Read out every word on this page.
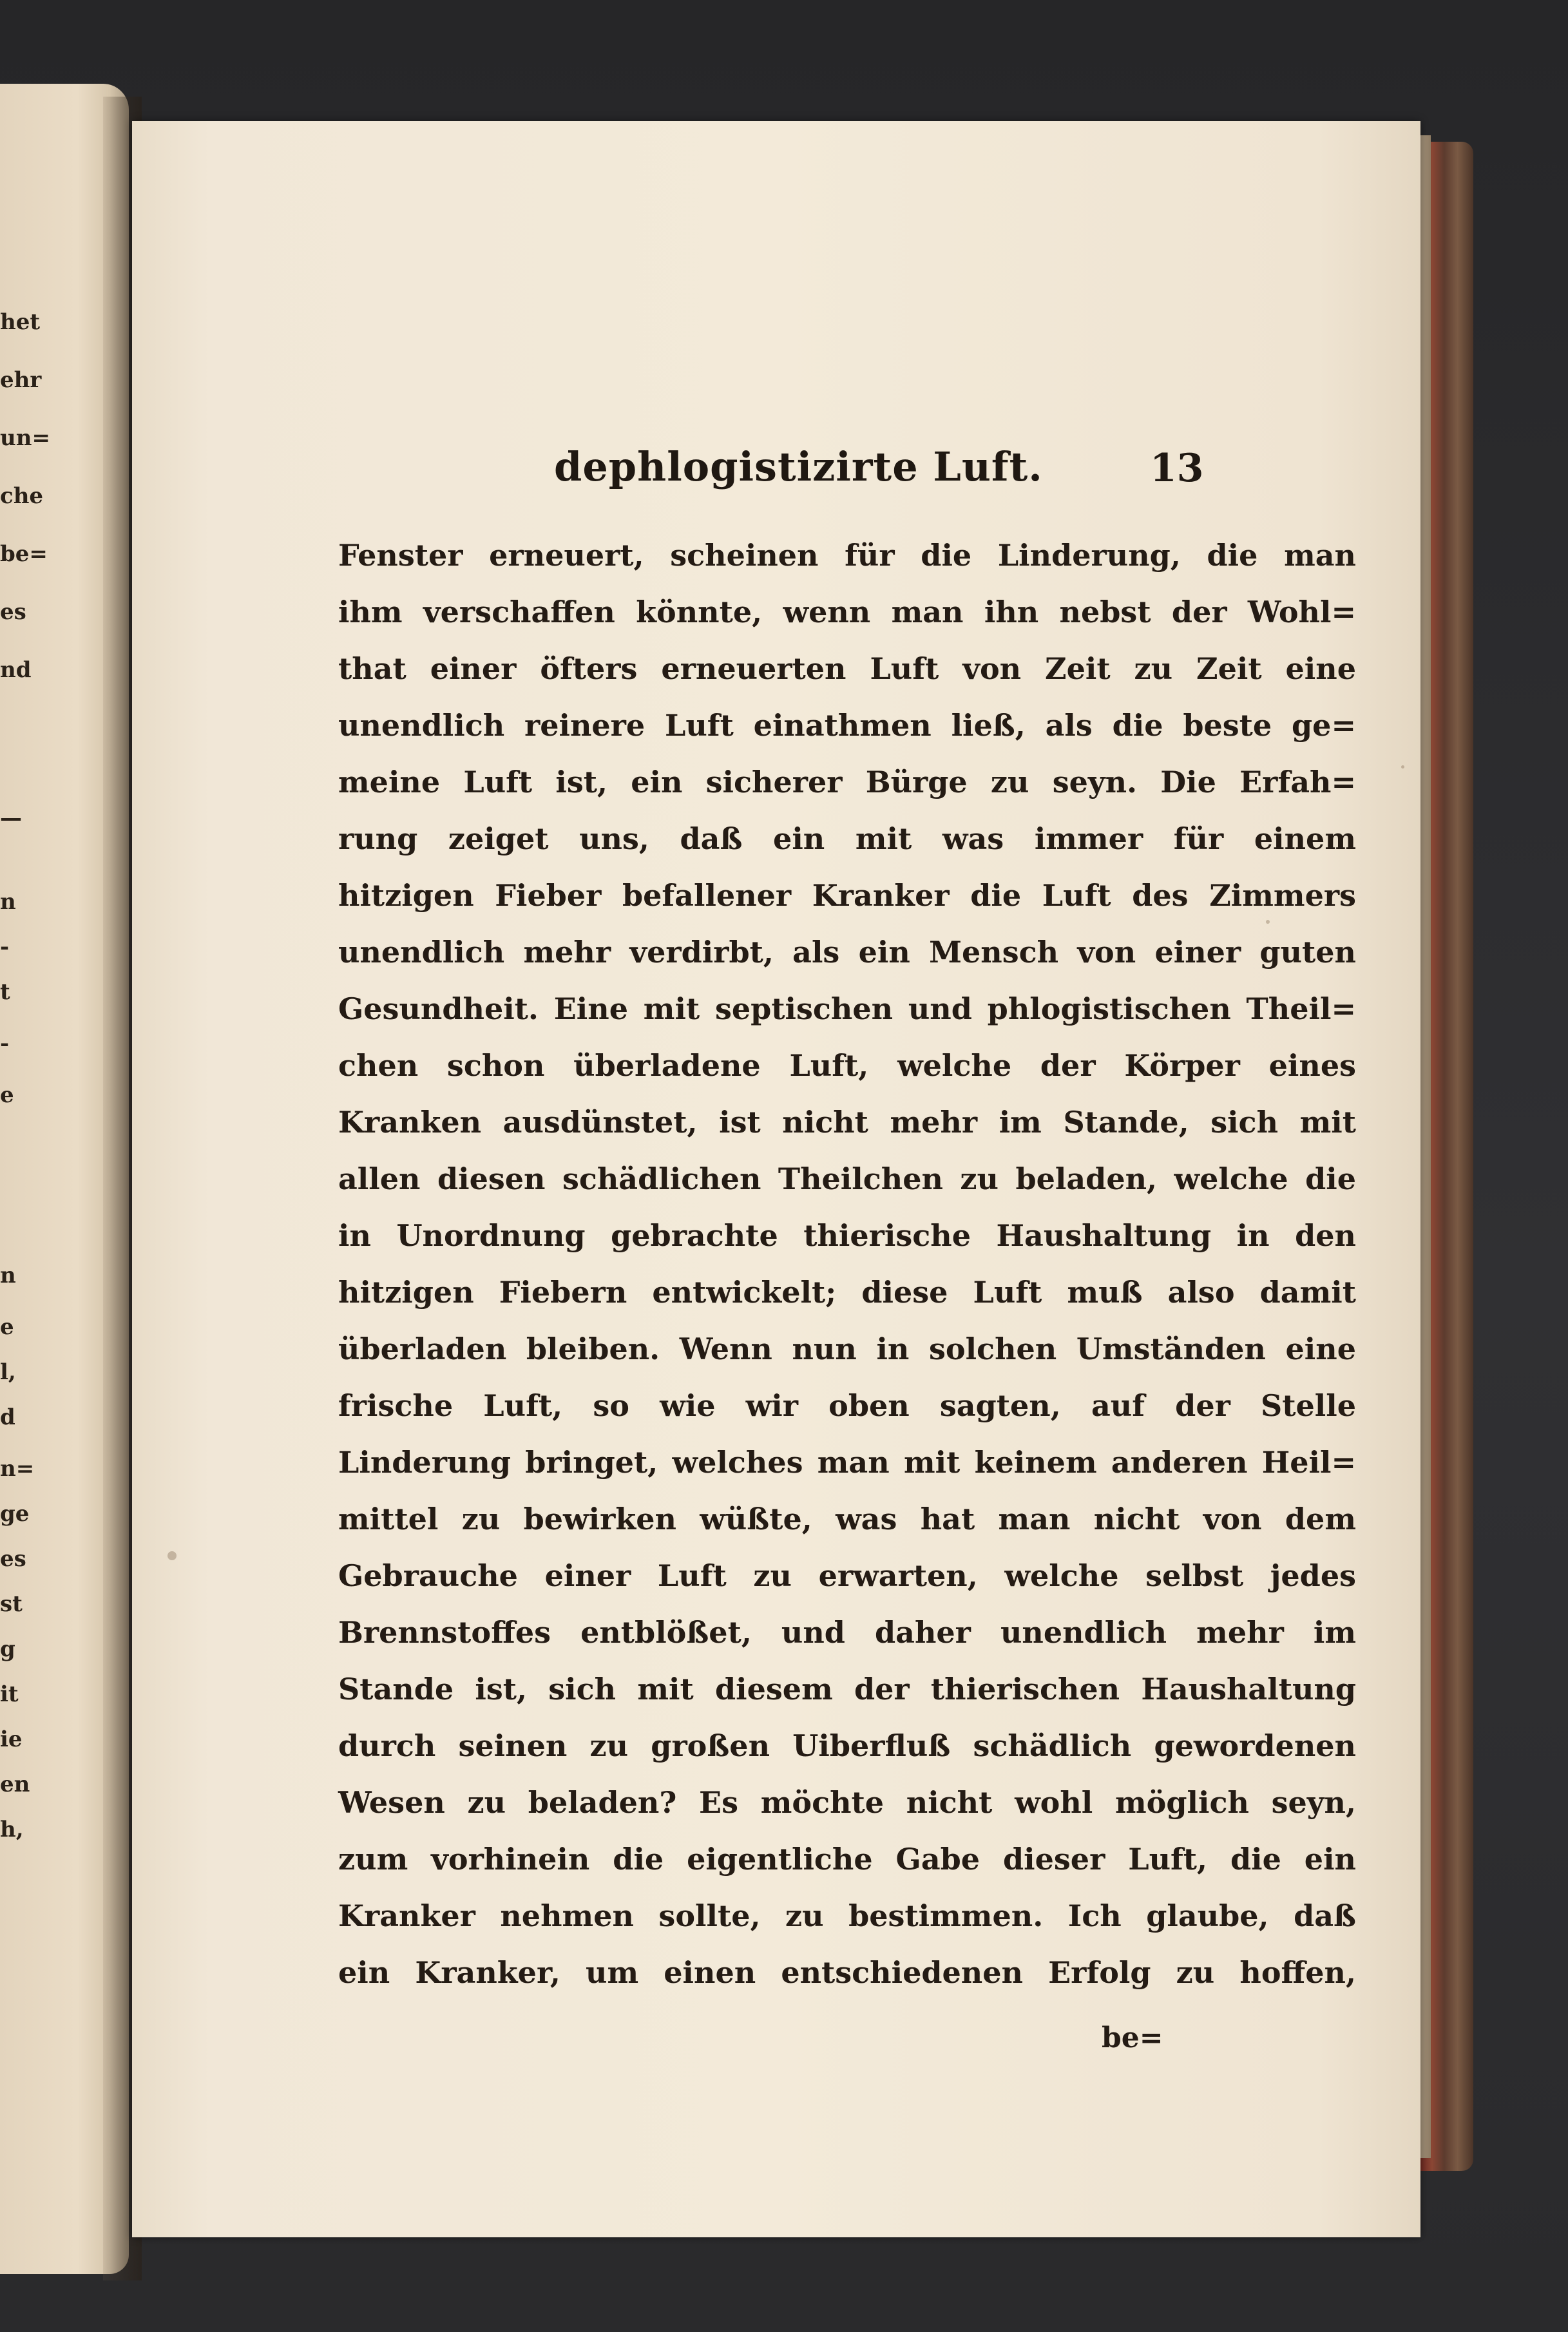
het
ehr
un=
che
be=
es
nd
—
n
-
t
-
e
n
e
l,
d
n=
ge
es
st
g
it
ie
en
h,
dephlogistizirte Luft.	13
Fenster erneuert, scheinen für die Linderung, die man
ihm verschaffen könnte, wenn man ihn nebst der Wohl=
that einer öfters erneuerten Luft von Zeit zu Zeit eine
unendlich reinere Luft einathmen ließ, als die beste ge=
meine Luft ist, ein sicherer Bürge zu seyn. Die Erfah=
rung zeiget uns, daß ein mit was immer für einem
hitzigen Fieber befallener Kranker die Luft des Zimmers
unendlich mehr verdirbt, als ein Mensch von einer guten
Gesundheit. Eine mit septischen und phlogistischen Theil=
chen schon überladene Luft, welche der Körper eines
Kranken ausdünstet, ist nicht mehr im Stande, sich mit
allen diesen schädlichen Theilchen zu beladen, welche die
in Unordnung gebrachte thierische Haushaltung in den
hitzigen Fiebern entwickelt; diese Luft muß also damit
überladen bleiben. Wenn nun in solchen Umständen eine
frische Luft, so wie wir oben sagten, auf der Stelle
Linderung bringet, welches man mit keinem anderen Heil=
mittel zu bewirken wüßte, was hat man nicht von dem
Gebrauche einer Luft zu erwarten, welche selbst jedes
Brennstoffes entblößet, und daher unendlich mehr im
Stande ist, sich mit diesem der thierischen Haushaltung
durch seinen zu großen Uiberfluß schädlich gewordenen
Wesen zu beladen? Es möchte nicht wohl möglich seyn,
zum vorhinein die eigentliche Gabe dieser Luft, die ein
Kranker nehmen sollte, zu bestimmen. Ich glaube, daß
ein Kranker, um einen entschiedenen Erfolg zu hoffen,
be=
